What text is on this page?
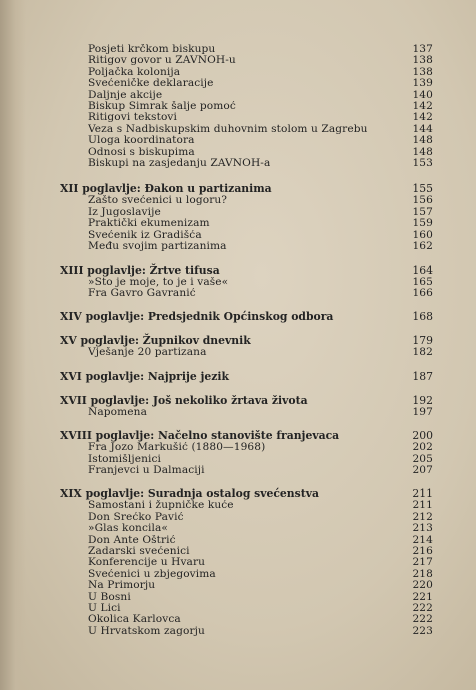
Posjeti krčkom biskupu	137
Ritigov govor u ZAVNOH-u	138
Poljačka kolonija	138
Svećeničke deklaracije	139
Daljnje akcije	140
Biskup Šimrak šalje pomoć	142
Ritigovi tekstovi	142
Veza s Nadbiskupskim duhovnim stolom u Zagrebu	144
Uloga koordinatora	148
Odnosi s biskupima	148
Biskupi na zasjedanju ZAVNOH-a	153
XII poglavlje: Đakon u partizanima	155
Zašto svećenici u logoru?	156
Iz Jugoslavije	157
Praktički ekumenizam	159
Svećenik iz Gradišća	160
Među svojim partizanima	162
XIII poglavlje: Žrtve tifusa	164
»Što je moje, to je i vaše«	165
Fra Gavro Gavranić	166
XIV poglavlje: Predsjednik Općinskog odbora	168
XV poglavlje: Župnikov dnevnik	179
Vješanje 20 partizana	182
XVI poglavlje: Najprije jezik	187
XVII poglavlje: Još nekoliko žrtava života	192
Napomena	197
XVIII poglavlje: Načelno stanovište franjevaca	200
Fra Jozo Markušić (1880—1968)	202
Istomišljenici	205
Franjevci u Dalmaciji	207
XIX poglavlje: Suradnja ostalog svećenstva	211
Samostani i župničke kuće	211
Don Srećko Pavić	212
»Glas koncila«	213
Don Ante Oštrić	214
Zadarski svećenici	216
Konferencije u Hvaru	217
Svećenici u zbjegovima	218
Na Primorju	220
U Bosni	221
U Lici	222
Okolica Karlovca	222
U Hrvatskom zagorju	223
